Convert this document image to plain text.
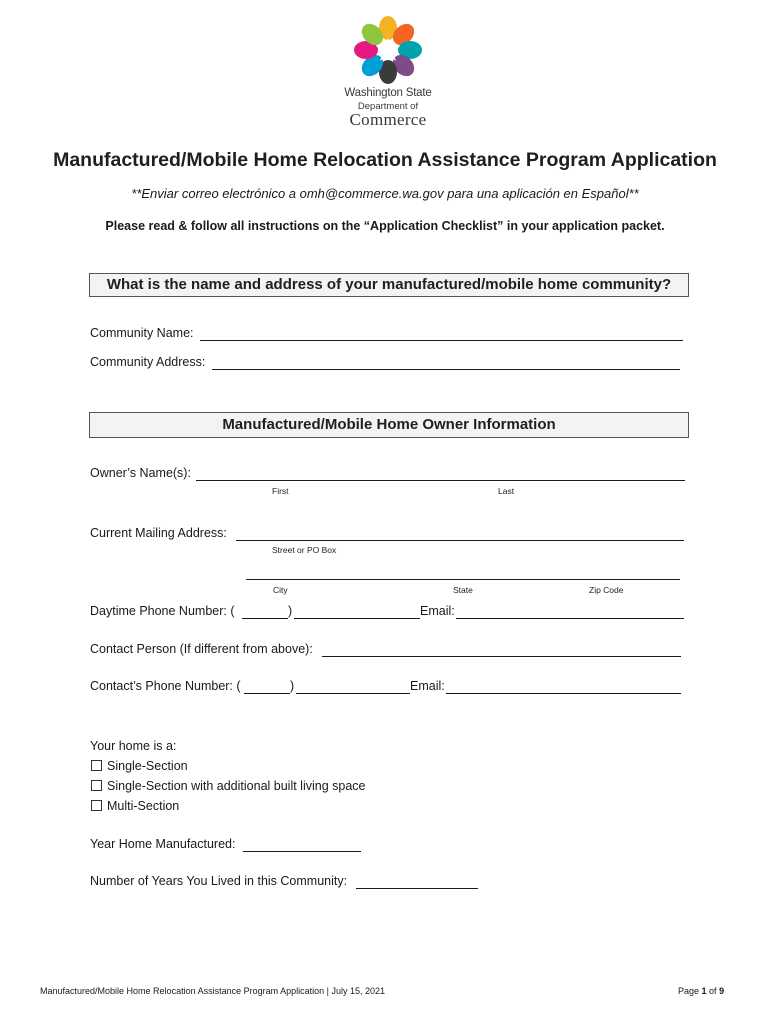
Washington State
Department of
Commerce
Manufactured/Mobile Home Relocation Assistance Program Application
**Enviar correo electrónico a omh@commerce.wa.gov para una aplicación en Español**
Please read & follow all instructions on the “Application Checklist” in your application packet.
What is the name and address of your manufactured/mobile home community?
Community Name:
Community Address:
Manufactured/Mobile Home Owner Information
Owner’s Name(s):
First	Last
Current Mailing Address:
Street or PO Box
City	State	Zip Code
Daytime Phone Number: (	)	Email:
Contact Person (If different from above):
Contact’s Phone Number: (	)	Email:
Your home is a:
Single-Section
Single-Section with additional built living space
Multi-Section
Year Home Manufactured:
Number of Years You Lived in this Community:
Manufactured/Mobile Home Relocation Assistance Program Application | July 15, 2021	Page 1 of 9
